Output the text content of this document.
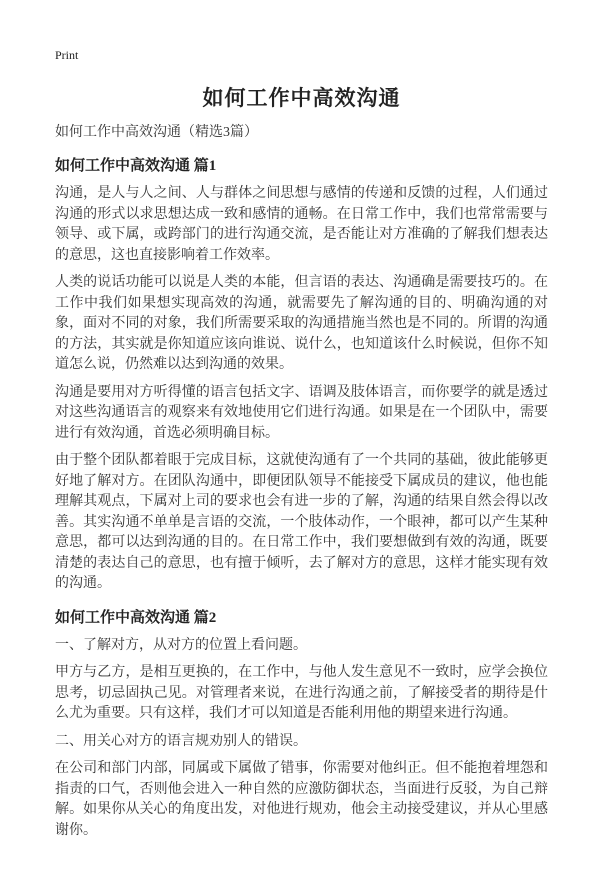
Print
如何工作中高效沟通
如何工作中高效沟通（精选3篇）
如何工作中高效沟通 篇1

沟通，是人与人之间、人与群体之间思想与感情的传递和反馈的过程，人们通过沟通的形式以求思想达成一致和感情的通畅。在日常工作中，我们也常常需要与领导、或下属，或跨部门的进行沟通交流，是否能让对方准确的了解我们想表达的意思，这也直接影响着工作效率。

人类的说话功能可以说是人类的本能，但言语的表达、沟通确是需要技巧的。在工作中我们如果想实现高效的沟通，就需要先了解沟通的目的、明确沟通的对象，面对不同的对象，我们所需要采取的沟通措施当然也是不同的。所谓的沟通的方法，其实就是你知道应该向谁说、说什么，也知道该什么时候说，但你不知道怎么说，仍然难以达到沟通的效果。

沟通是要用对方听得懂的语言包括文字、语调及肢体语言，而你要学的就是透过对这些沟通语言的观察来有效地使用它们进行沟通。如果是在一个团队中，需要进行有效沟通，首选必须明确目标。

由于整个团队都着眼于完成目标，这就使沟通有了一个共同的基础，彼此能够更好地了解对方。在团队沟通中，即便团队领导不能接受下属成员的建议，他也能理解其观点，下属对上司的要求也会有进一步的了解，沟通的结果自然会得以改善。其实沟通不单单是言语的交流，一个肢体动作，一个眼神，都可以产生某种意思，都可以达到沟通的目的。在日常工作中，我们要想做到有效的沟通，既要清楚的表达自己的意思，也有擅于倾听，去了解对方的意思，这样才能实现有效的沟通。

如何工作中高效沟通 篇2

一、了解对方，从对方的位置上看问题。

甲方与乙方，是相互更换的，在工作中，与他人发生意见不一致时，应学会换位思考，切忌固执己见。对管理者来说，在进行沟通之前，了解接受者的期待是什么尤为重要。只有这样，我们才可以知道是否能利用他的期望来进行沟通。

二、用关心对方的语言规劝别人的错误。

在公司和部门内部，同属或下属做了错事，你需要对他纠正。但不能抱着埋怨和指责的口气，否则他会进入一种自然的应激防御状态，当面进行反驳，为自己辩解。如果你从关心的角度出发，对他进行规劝，他会主动接受建议，并从心里感谢你。
